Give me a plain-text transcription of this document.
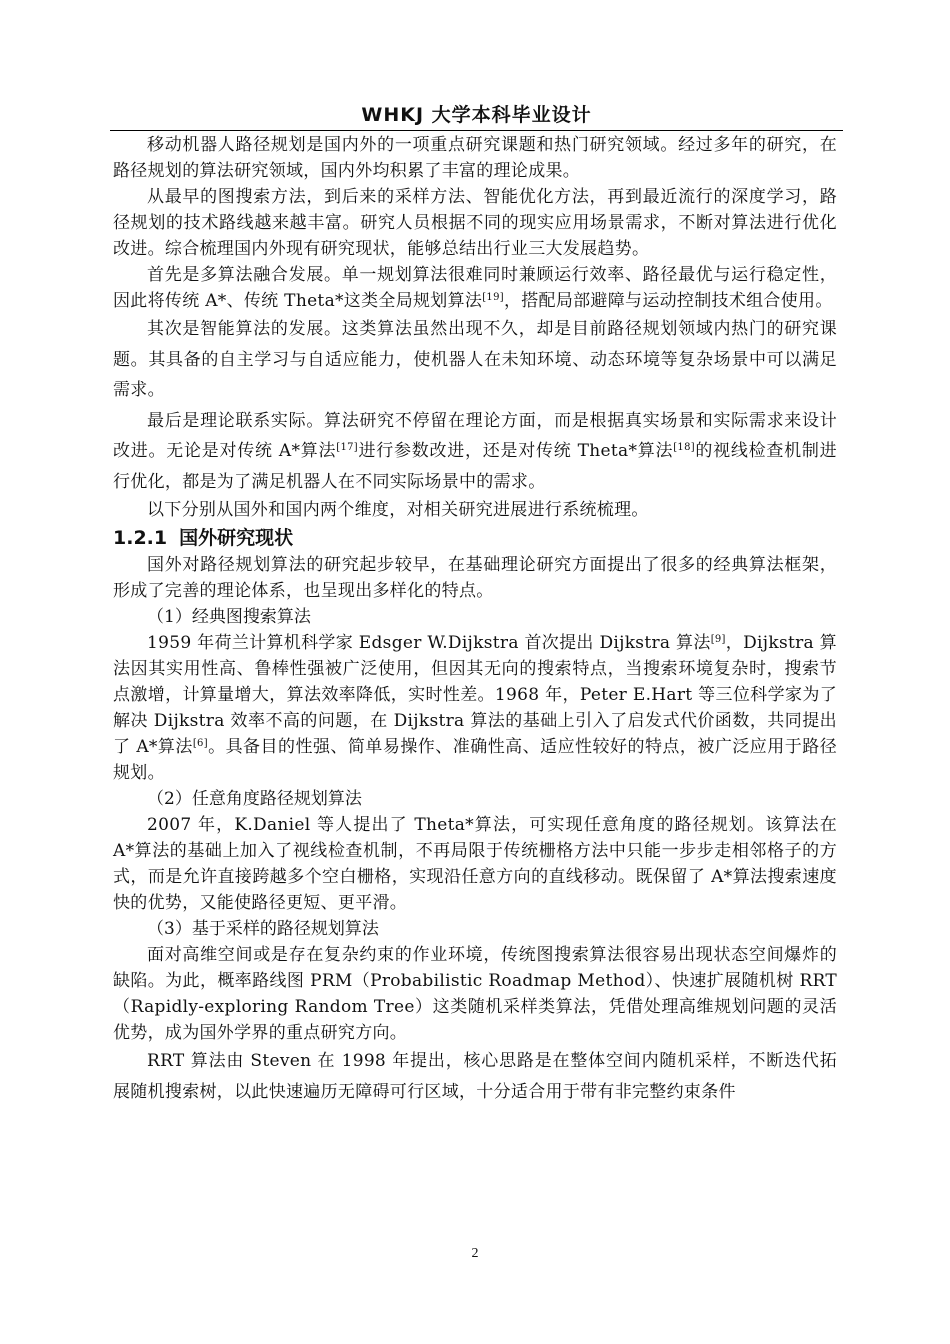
WHKJ 大学本科毕业设计

移动机器人路径规划是国内外的一项重点研究课题和热门研究领域。经过多年的研究，在路径规划的算法研究领域，国内外均积累了丰富的理论成果。

从最早的图搜索方法，到后来的采样方法、智能优化方法，再到最近流行的深度学习，路径规划的技术路线越来越丰富。研究人员根据不同的现实应用场景需求，不断对算法进行优化改进。综合梳理国内外现有研究现状，能够总结出行业三大发展趋势。

首先是多算法融合发展。单一规划算法很难同时兼顾运行效率、路径最优与运行稳定性，因此将传统 A*、传统 Theta*这类全局规划算法[19]，搭配局部避障与运动控制技术组合使用。

其次是智能算法的发展。这类算法虽然出现不久，却是目前路径规划领域内热门的研究课题。其具备的自主学习与自适应能力，使机器人在未知环境、动态环境等复杂场景中可以满足需求。

最后是理论联系实际。算法研究不停留在理论方面，而是根据真实场景和实际需求来设计改进。无论是对传统 A*算法[17]进行参数改进，还是对传统 Theta*算法[18]的视线检查机制进行优化，都是为了满足机器人在不同实际场景中的需求。

以下分别从国外和国内两个维度，对相关研究进展进行系统梳理。

1.2.1 国外研究现状

国外对路径规划算法的研究起步较早，在基础理论研究方面提出了很多的经典算法框架，形成了完善的理论体系，也呈现出多样化的特点。

（1）经典图搜索算法

1959 年荷兰计算机科学家 Edsger W.Dijkstra 首次提出 Dijkstra 算法[9]，Dijkstra 算法因其实用性高、鲁棒性强被广泛使用，但因其无向的搜索特点，当搜索环境复杂时，搜索节点激增，计算量增大，算法效率降低，实时性差。1968 年，Peter E.Hart 等三位科学家为了解决 Dijkstra 效率不高的问题，在 Dijkstra 算法的基础上引入了启发式代价函数，共同提出了 A*算法[6]。具备目的性强、简单易操作、准确性高、适应性较好的特点，被广泛应用于路径规划。

（2）任意角度路径规划算法

2007 年，K.Daniel 等人提出了 Theta*算法，可实现任意角度的路径规划。该算法在 A*算法的基础上加入了视线检查机制，不再局限于传统栅格方法中只能一步步走相邻格子的方式，而是允许直接跨越多个空白栅格，实现沿任意方向的直线移动。既保留了 A*算法搜索速度快的优势，又能使路径更短、更平滑。

（3）基于采样的路径规划算法

面对高维空间或是存在复杂约束的作业环境，传统图搜索算法很容易出现状态空间爆炸的缺陷。为此，概率路线图 PRM（Probabilistic Roadmap Method）、快速扩展随机树 RRT（Rapidly-exploring Random Tree）这类随机采样类算法，凭借处理高维规划问题的灵活优势，成为国外学界的重点研究方向。

RRT 算法由 Steven 在 1998 年提出，核心思路是在整体空间内随机采样，不断迭代拓展随机搜索树，以此快速遍历无障碍可行区域，十分适合用于带有非完整约束条件

2
